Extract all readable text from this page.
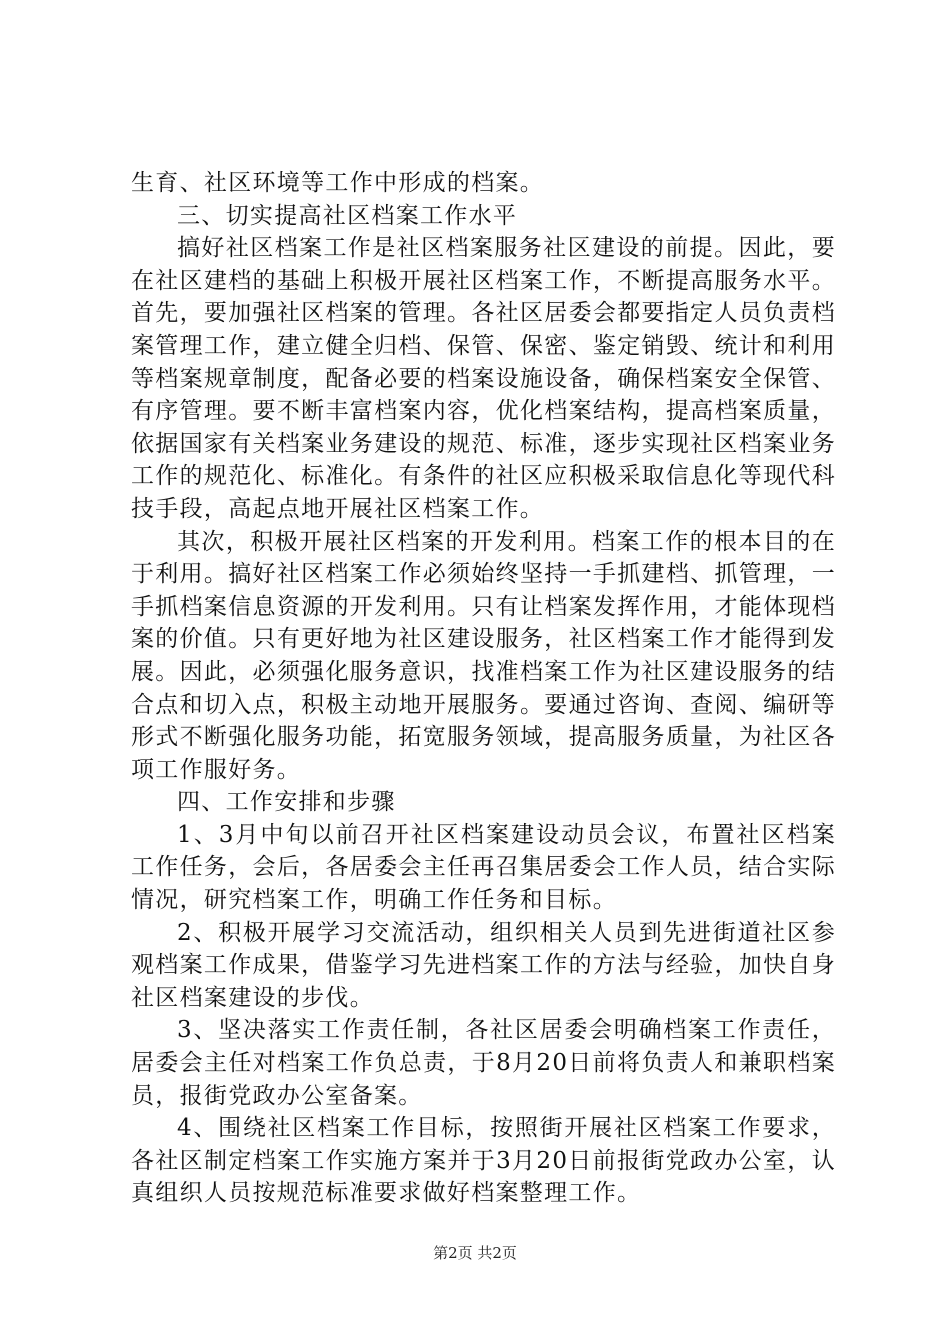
生育、社区环境等工作中形成的档案。

三、切实提高社区档案工作水平

搞好社区档案工作是社区档案服务社区建设的前提。因此，要在社区建档的基础上积极开展社区档案工作，不断提高服务水平。首先，要加强社区档案的管理。各社区居委会都要指定人员负责档案管理工作，建立健全归档、保管、保密、鉴定销毁、统计和利用等档案规章制度，配备必要的档案设施设备，确保档案安全保管、有序管理。要不断丰富档案内容，优化档案结构，提高档案质量，依据国家有关档案业务建设的规范、标准，逐步实现社区档案业务工作的规范化、标准化。有条件的社区应积极采取信息化等现代科技手段，高起点地开展社区档案工作。

其次，积极开展社区档案的开发利用。档案工作的根本目的在于利用。搞好社区档案工作必须始终坚持一手抓建档、抓管理，一手抓档案信息资源的开发利用。只有让档案发挥作用，才能体现档案的价值。只有更好地为社区建设服务，社区档案工作才能得到发展。因此，必须强化服务意识，找准档案工作为社区建设服务的结合点和切入点，积极主动地开展服务。要通过咨询、查阅、编研等形式不断强化服务功能，拓宽服务领域，提高服务质量，为社区各项工作服好务。

四、工作安排和步骤

1、3月中旬以前召开社区档案建设动员会议，布置社区档案工作任务，会后，各居委会主任再召集居委会工作人员，结合实际情况，研究档案工作，明确工作任务和目标。

2、积极开展学习交流活动，组织相关人员到先进街道社区参观档案工作成果，借鉴学习先进档案工作的方法与经验，加快自身社区档案建设的步伐。

3、坚决落实工作责任制，各社区居委会明确档案工作责任，居委会主任对档案工作负总责，于8月20日前将负责人和兼职档案员，报街党政办公室备案。

4、围绕社区档案工作目标，按照街开展社区档案工作要求，各社区制定档案工作实施方案并于3月20日前报街党政办公室，认真组织人员按规范标准要求做好档案整理工作。

第2页 共2页
